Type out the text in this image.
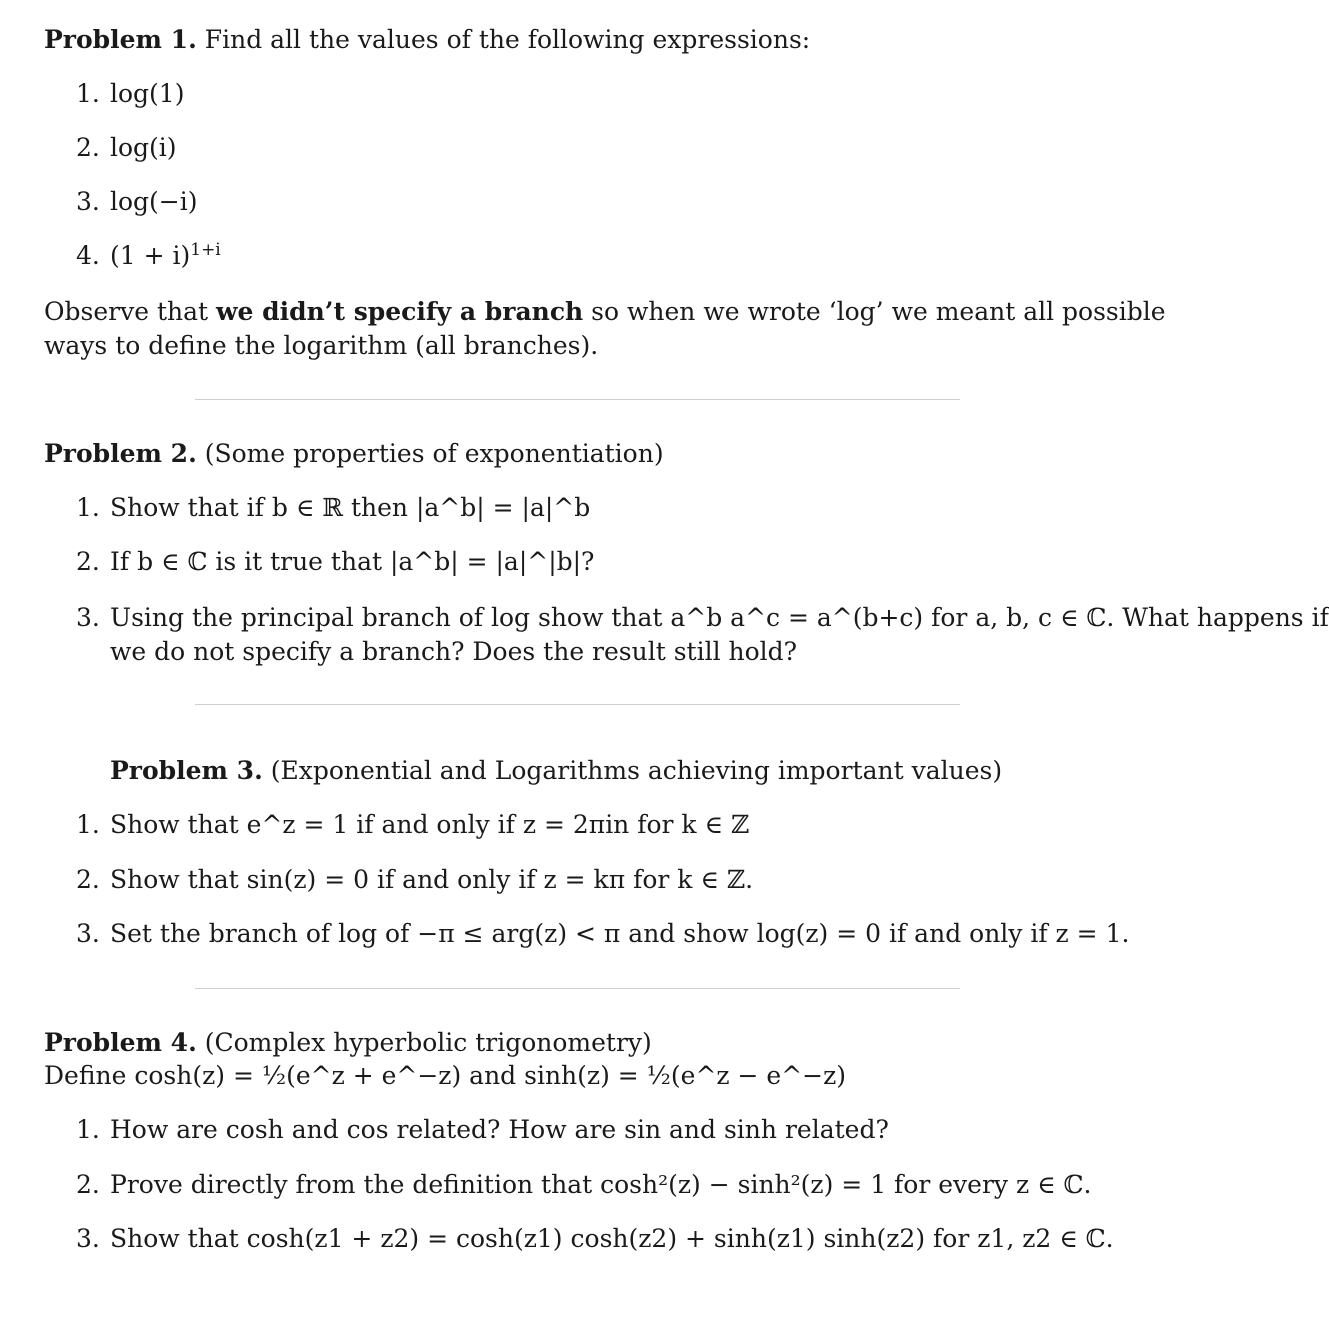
Problem 1. Find all the values of the following expressions:
1. log(1)
2. log(i)
3. log(−i)
4. $(1 + i)^{1+i}$
Observe that we didn’t specify a branch so when we wrote ‘log’ we meant all possible
ways to define the logarithm (all branches).
Problem 2. (Some properties of exponentiation)
1. Show that if b ∈ ℝ then |a^b| = |a|^b
2. If b ∈ ℂ is it true that |a^b| = |a|^|b|?
3. Using the principal branch of log show that a^b a^c = a^(b+c) for a, b, c ∈ ℂ. What happens if
we do not specify a branch? Does the result still hold?
Problem 3. (Exponential and Logarithms achieving important values)
1. Show that e^z = 1 if and only if z = 2πin for k ∈ ℤ
2. Show that sin(z) = 0 if and only if z = kπ for k ∈ ℤ.
3. Set the branch of log of −π ≤ arg(z) < π and show log(z) = 0 if and only if z = 1.
Problem 4. (Complex hyperbolic trigonometry)
Define cosh(z) = ½(e^z + e^−z) and sinh(z) = ½(e^z − e^−z)
1. How are cosh and cos related? How are sin and sinh related?
2. Prove directly from the definition that cosh²(z) − sinh²(z) = 1 for every z ∈ ℂ.
3. Show that cosh(z1 + z2) = cosh(z1) cosh(z2) + sinh(z1) sinh(z2) for z1, z2 ∈ ℂ.
